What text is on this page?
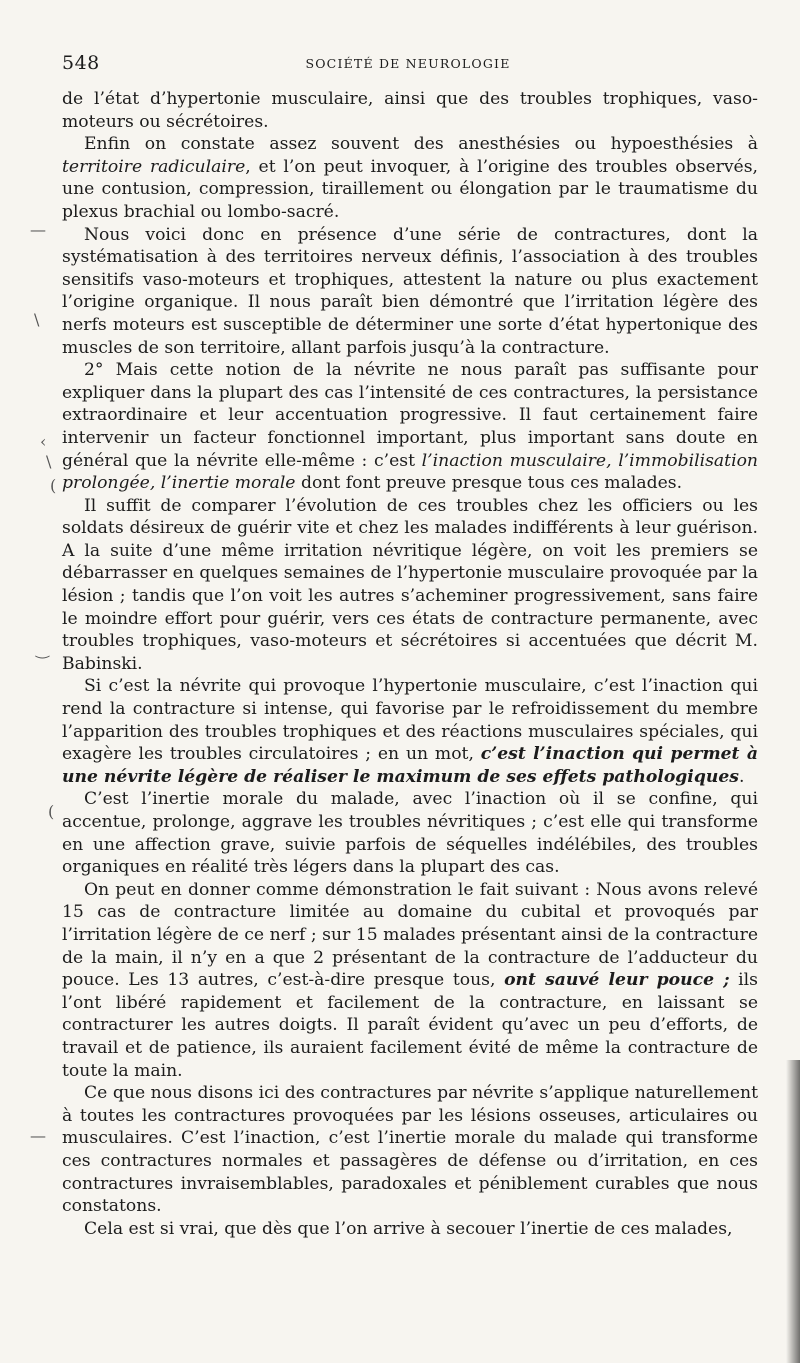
548	SOCIÉTÉ DE NEUROLOGIE
—
\
‹
\
(
‿
(
—

de l’état d’hypertonie musculaire, ainsi que des troubles trophiques, vaso-moteurs ou sécrétoires.

Enfin on constate assez souvent des anesthésies ou hypoesthésies à territoire radiculaire, et l’on peut invoquer, à l’origine des troubles observés, une contusion, compression, tiraillement ou élongation par le traumatisme du plexus brachial ou lombo-sacré.

Nous voici donc en présence d’une série de contractures, dont la systématisation à des territoires nerveux définis, l’association à des troubles sensitifs vaso-moteurs et trophiques, attestent la nature ou plus exactement l’origine organique. Il nous paraît bien démontré que l’irritation légère des nerfs moteurs est susceptible de déterminer une sorte d’état hypertonique des muscles de son territoire, allant parfois jusqu’à la contracture.

2° Mais cette notion de la névrite ne nous paraît pas suffisante pour expliquer dans la plupart des cas l’intensité de ces contractures, la persistance extraordinaire et leur accentuation progressive. Il faut certainement faire intervenir un facteur fonctionnel important, plus important sans doute en général que la névrite elle-même : c’est l’inaction musculaire, l’immobilisation prolongée, l’inertie morale dont font preuve presque tous ces malades.

Il suffit de comparer l’évolution de ces troubles chez les officiers ou les soldats désireux de guérir vite et chez les malades indifférents à leur guérison. A la suite d’une même irritation névritique légère, on voit les premiers se débarrasser en quelques semaines de l’hypertonie musculaire provoquée par la lésion ; tandis que l’on voit les autres s’acheminer progressivement, sans faire le moindre effort pour guérir, vers ces états de contracture permanente, avec troubles trophiques, vaso-moteurs et sécrétoires si accentuées que décrit M. Babinski.

Si c’est la névrite qui provoque l’hypertonie musculaire, c’est l’inaction qui rend la contracture si intense, qui favorise par le refroidissement du membre l’apparition des troubles trophiques et des réactions musculaires spéciales, qui exagère les troubles circulatoires ; en un mot, c’est l’inaction qui permet à une névrite légère de réaliser le maximum de ses effets pathologiques.

C’est l’inertie morale du malade, avec l’inaction où il se confine, qui accentue, prolonge, aggrave les troubles névritiques ; c’est elle qui transforme en une affection grave, suivie parfois de séquelles indélébiles, des troubles organiques en réalité très légers dans la plupart des cas.

On peut en donner comme démonstration le fait suivant : Nous avons relevé 15 cas de contracture limitée au domaine du cubital et provoqués par l’irritation légère de ce nerf ; sur 15 malades présentant ainsi de la contracture de la main, il n’y en a que 2 présentant de la contracture de l’adducteur du pouce. Les 13 autres, c’est-à-dire presque tous, ont sauvé leur pouce ; ils l’ont libéré rapidement et facilement de la contracture, en laissant se contracturer les autres doigts. Il paraît évident qu’avec un peu d’efforts, de travail et de patience, ils auraient facilement évité de même la contracture de toute la main.

Ce que nous disons ici des contractures par névrite s’applique naturellement à toutes les contractures provoquées par les lésions osseuses, articulaires ou musculaires. C’est l’inaction, c’est l’inertie morale du malade qui transforme ces contractures normales et passagères de défense ou d’irritation, en ces contractures invraisemblables, paradoxales et péniblement curables que nous constatons.

Cela est si vrai, que dès que l’on arrive à secouer l’inertie de ces malades,
